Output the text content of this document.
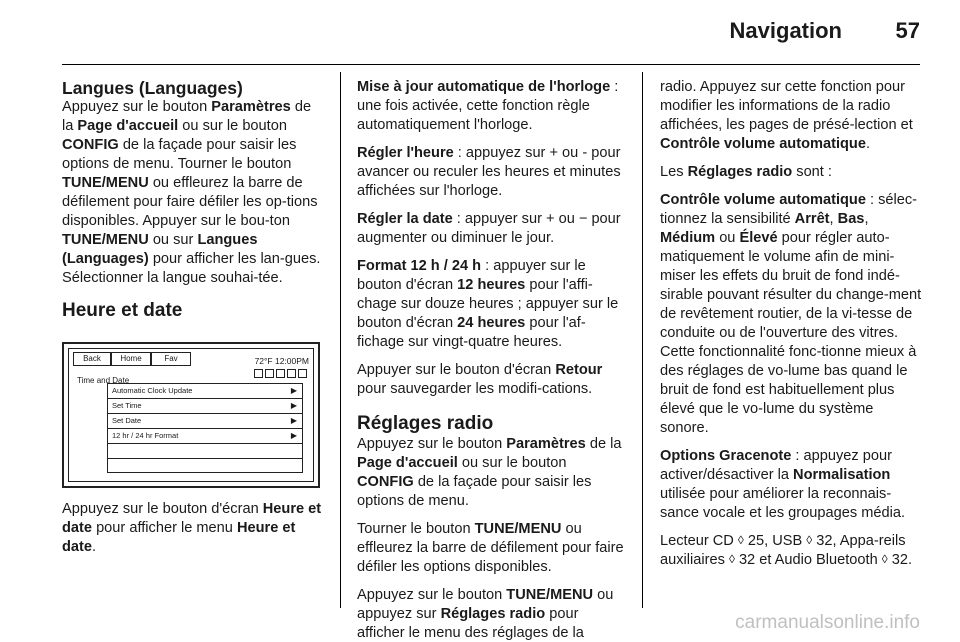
Navigation 57
Langues (Languages)

Appuyez sur le bouton Paramètres de la Page d'accueil ou sur le bouton CONFIG de la façade pour saisir les options de menu. Tourner le bouton TUNE/MENU ou effleurez la barre de défilement pour faire défiler les op-tions disponibles. Appuyer sur le bou-ton TUNE/MENU ou sur Langues (Languages) pour afficher les lan-gues. Sélectionner la langue souhai-tée.

Heure et date
Back	Home	Fav	72°F 12:00PM
Time and Date
Automatic Clock Update	▶
Set Time	▶
Set Date	▶
12 hr / 24 hr Format	▶

Appuyez sur le bouton d'écran Heure et date pour afficher le menu Heure et date.

Mise à jour automatique de l'horloge : une fois activée, cette fonction règle automatiquement l'horloge.

Régler l'heure : appuyez sur + ou - pour avancer ou reculer les heures et minutes affichées sur l'horloge.

Régler la date : appuyer sur + ou − pour augmenter ou diminuer le jour.

Format 12 h / 24 h : appuyer sur le bouton d'écran 12 heures pour l'affi-chage sur douze heures ; appuyer sur le bouton d'écran 24 heures pour l'af-fichage sur vingt-quatre heures.

Appuyer sur le bouton d'écran Retour pour sauvegarder les modifi-cations.

Réglages radio

Appuyez sur le bouton Paramètres de la Page d'accueil ou sur le bouton CONFIG de la façade pour saisir les options de menu.

Tourner le bouton TUNE/MENU ou effleurez la barre de défilement pour faire défiler les options disponibles.

Appuyez sur le bouton TUNE/MENU ou appuyez sur Réglages radio pour afficher le menu des réglages de la

radio. Appuyez sur cette fonction pour modifier les informations de la radio affichées, les pages de présé-lection et Contrôle volume automatique.

Les Réglages radio sont :

Contrôle volume automatique : sélec-tionnez la sensibilité Arrêt, Bas, Médium ou Élevé pour régler auto-matiquement le volume afin de mini-miser les effets du bruit de fond indé-sirable pouvant résulter du change-ment de revêtement routier, de la vi-tesse de conduite ou de l'ouverture des vitres. Cette fonctionnalité fonc-tionne mieux à des réglages de vo-lume bas quand le bruit de fond est habituellement plus élevé que le vo-lume du système sonore.

Options Gracenote : appuyez pour activer/désactiver la Normalisation utilisée pour améliorer la reconnais-sance vocale et les groupages média.

Lecteur CD ◊ 25, USB ◊ 32, Appa-reils auxiliaires ◊ 32 et Audio Bluetooth ◊ 32.

carmanualsonline.info
